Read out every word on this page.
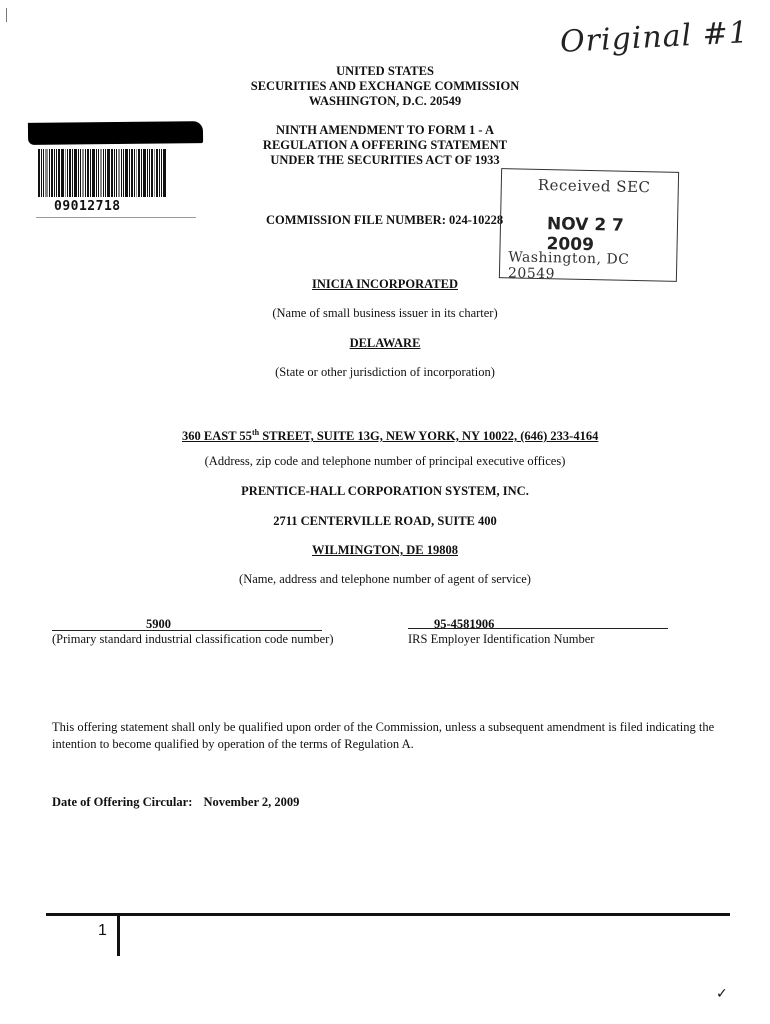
Original #1
09012718
UNITED STATES
SECURITIES AND EXCHANGE COMMISSION
WASHINGTON, D.C. 20549
NINTH AMENDMENT TO FORM 1 - A
REGULATION A OFFERING STATEMENT
UNDER THE SECURITIES ACT OF 1933
COMMISSION FILE NUMBER: 024-10228
Received SEC
NOV 2 7 2009
Washington, DC 20549
INICIA INCORPORATED
(Name of small business issuer in its charter)
DELAWARE
(State or other jurisdiction of incorporation)
360 EAST 55th STREET, SUITE 13G, NEW YORK, NY 10022, (646) 233-4164
(Address, zip code and telephone number of principal executive offices)
PRENTICE-HALL CORPORATION SYSTEM, INC.
2711 CENTERVILLE ROAD, SUITE 400
WILMINGTON, DE 19808
(Name, address and telephone number of agent of service)
5900
(Primary standard industrial classification code number)
95-4581906
IRS Employer Identification Number
This offering statement shall only be qualified upon order of the Commission, unless a subsequent amendment is filed indicating the intention to become qualified by operation of the terms of Regulation A.
Date of Offering Circular: November 2, 2009
1
✓
